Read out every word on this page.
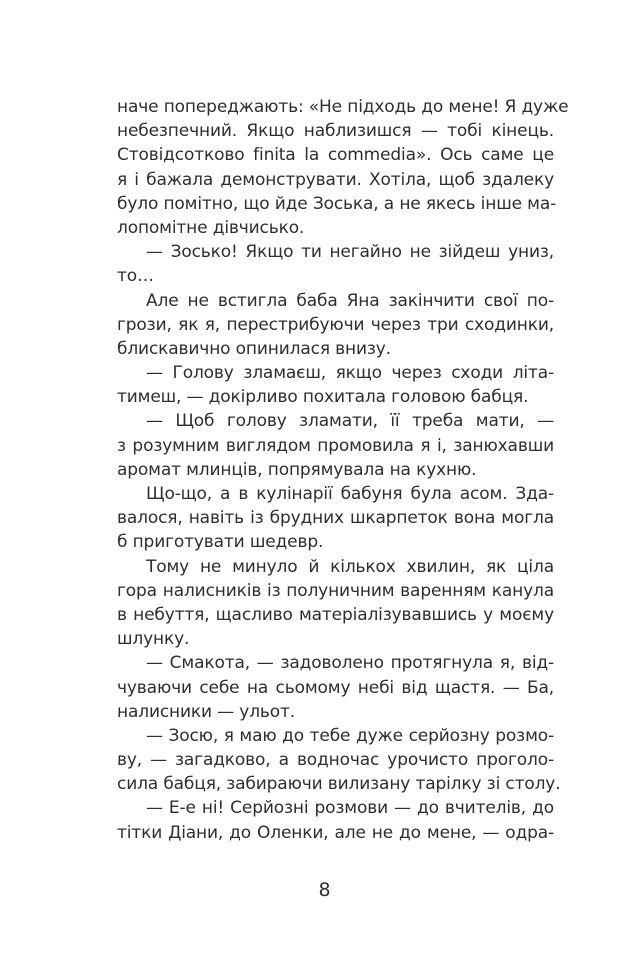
наче попереджають: «Не підходь до мене! Я дуже
небезпечний. Якщо наблизишся — тобі кінець.
Стовідсотково finita la commedia». Ось саме це
я і бажала демонструвати. Хотіла, щоб здалеку
було помітно, що йде Зоська, а не якесь інше ма-
лопомітне дівчисько.
— Зосько! Якщо ти негайно не зійдеш униз,
то…
Але не встигла баба Яна закінчити свої по-
грози, як я, перестрибуючи через три сходинки,
блискавично опинилася внизу.
— Голову зламаєш, якщо через сходи літа-
тимеш, — докірливо похитала головою бабця.
— Щоб голову зламати, її треба мати, —
з розумним виглядом промовила я і, занюхавши
аромат млинців, попрямувала на кухню.
Що-що, а в кулінарії бабуня була асом. Зда-
валося, навіть із брудних шкарпеток вона могла
б приготувати шедевр.
Тому не минуло й кількох хвилин, як ціла
гора налисників із полуничним варенням канула
в небуття, щасливо матеріалізувавшись у моєму
шлунку.
— Смакота, — задоволено протягнула я, від-
чуваючи себе на сьомому небі від щастя. — Ба,
налисники — ульот.
— Зосю, я маю до тебе дуже серйозну розмо-
ву, — загадково, а водночас урочисто проголо-
сила бабця, забираючи вилизану тарілку зі столу.
— Е-е ні! Серйозні розмови — до вчителів, до
тітки Діани, до Оленки, але не до мене, — одра-
8
